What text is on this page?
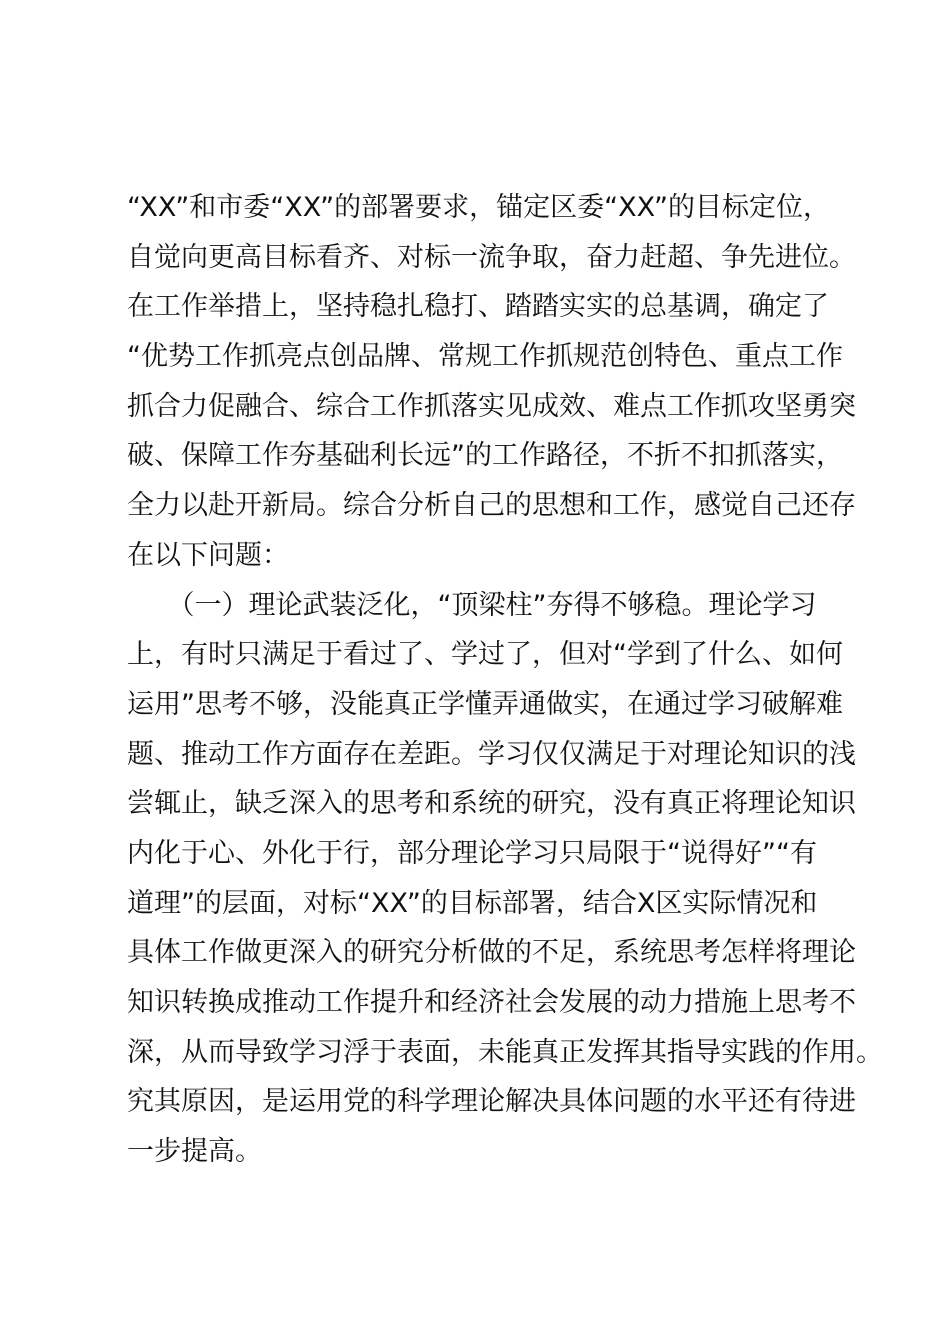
“XX”和市委“XX”的部署要求，锚定区委“XX”的目标定位，
自觉向更高目标看齐、对标一流争取，奋力赶超、争先进位。
在工作举措上，坚持稳扎稳打、踏踏实实的总基调，确定了
“优势工作抓亮点创品牌、常规工作抓规范创特色、重点工作
抓合力促融合、综合工作抓落实见成效、难点工作抓攻坚勇突
破、保障工作夯基础利长远”的工作路径，不折不扣抓落实，
全力以赴开新局。综合分析自己的思想和工作，感觉自己还存
在以下问题：
　　（一）理论武装泛化，“顶梁柱”夯得不够稳。理论学习
上，有时只满足于看过了、学过了，但对“学到了什么、如何
运用”思考不够，没能真正学懂弄通做实，在通过学习破解难
题、推动工作方面存在差距。学习仅仅满足于对理论知识的浅
尝辄止，缺乏深入的思考和系统的研究，没有真正将理论知识
内化于心、外化于行，部分理论学习只局限于“说得好”“有
道理”的层面，对标“XX”的目标部署，结合X区实际情况和
具体工作做更深入的研究分析做的不足，系统思考怎样将理论
知识转换成推动工作提升和经济社会发展的动力措施上思考不
深，从而导致学习浮于表面，未能真正发挥其指导实践的作用。
究其原因，是运用党的科学理论解决具体问题的水平还有待进
一步提高。
